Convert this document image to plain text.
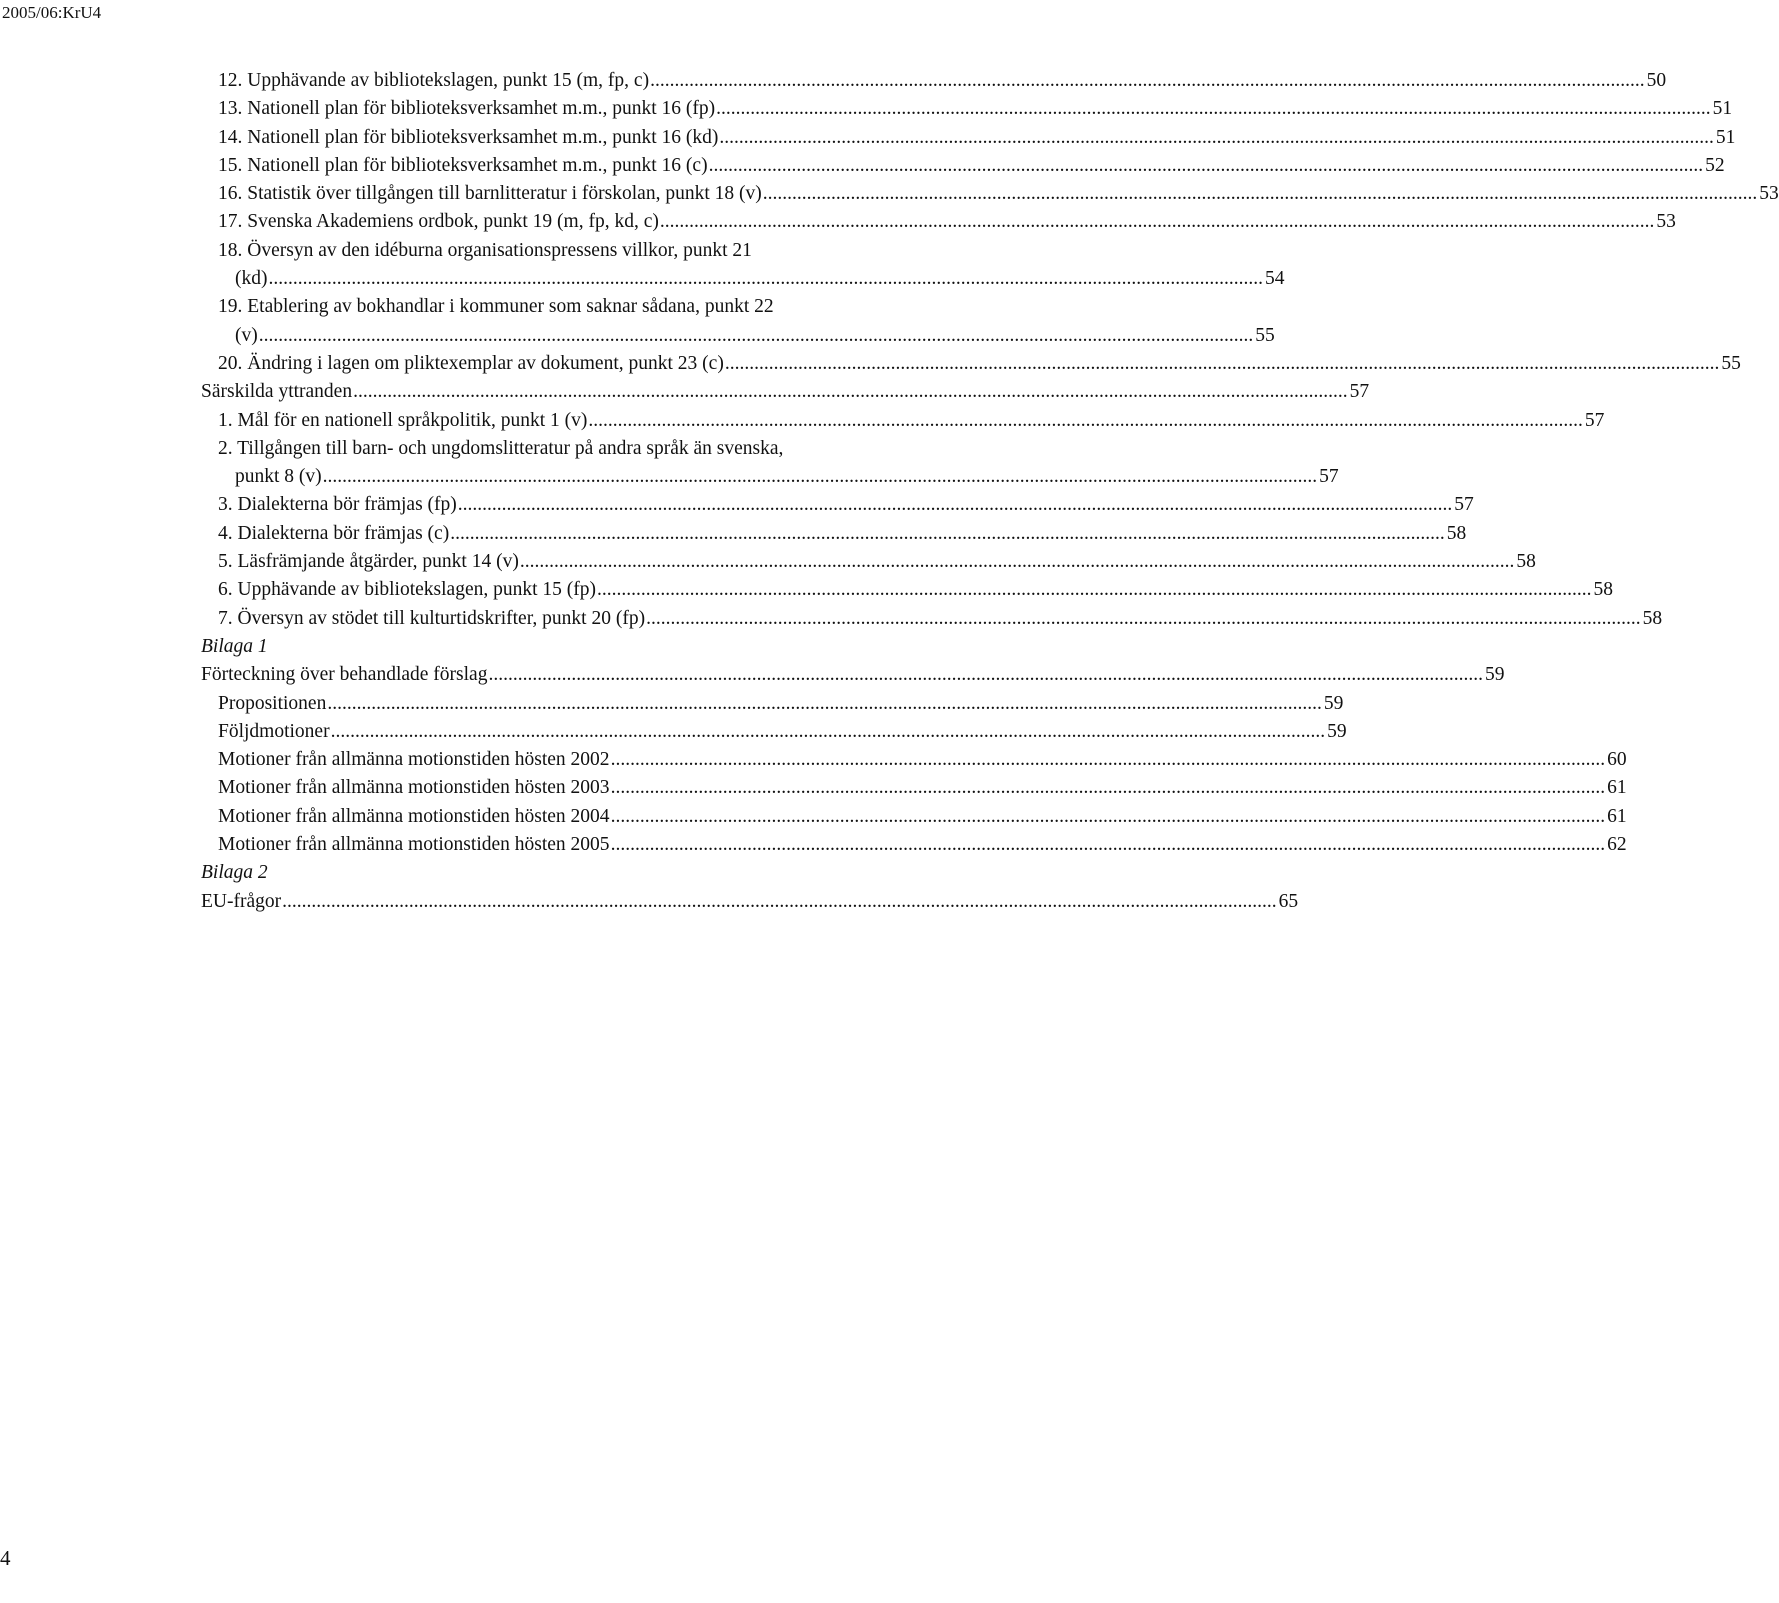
2005/06:KrU4
12. Upphävande av bibliotekslagen, punkt 15 (m, fp, c) ............................................................................................................................................................................................................ 50
13. Nationell plan för biblioteksverksamhet m.m., punkt 16 (fp) ............................................................................................................................................................................................................ 51
14. Nationell plan för biblioteksverksamhet m.m., punkt 16 (kd) ............................................................................................................................................................................................................ 51
15. Nationell plan för biblioteksverksamhet m.m., punkt 16 (c) ............................................................................................................................................................................................................ 52
16. Statistik över tillgången till barnlitteratur i förskolan, punkt 18 (v) ............................................................................................................................................................................................................ 53
17. Svenska Akademiens ordbok, punkt 19 (m, fp, kd, c) ............................................................................................................................................................................................................ 53
18. Översyn av den idéburna organisationspressens villkor, punkt 21
(kd) ............................................................................................................................................................................................................ 54
19. Etablering av bokhandlar i kommuner som saknar sådana, punkt 22
(v) ............................................................................................................................................................................................................ 55
20. Ändring i lagen om pliktexemplar av dokument, punkt 23 (c) ............................................................................................................................................................................................................ 55
Särskilda yttranden ............................................................................................................................................................................................................ 57
1. Mål för en nationell språkpolitik, punkt 1 (v) ............................................................................................................................................................................................................ 57
2. Tillgången till barn- och ungdomslitteratur på andra språk än svenska,
punkt 8 (v) ............................................................................................................................................................................................................ 57
3. Dialekterna bör främjas (fp) ............................................................................................................................................................................................................ 57
4. Dialekterna bör främjas (c) ............................................................................................................................................................................................................ 58
5. Läsfrämjande åtgärder, punkt 14 (v) ............................................................................................................................................................................................................ 58
6. Upphävande av bibliotekslagen, punkt 15 (fp) ............................................................................................................................................................................................................ 58
7. Översyn av stödet till kulturtidskrifter, punkt 20 (fp) ............................................................................................................................................................................................................ 58
Bilaga 1
Förteckning över behandlade förslag ............................................................................................................................................................................................................ 59
Propositionen ............................................................................................................................................................................................................ 59
Följdmotioner ............................................................................................................................................................................................................ 59
Motioner från allmänna motionstiden hösten 2002 ............................................................................................................................................................................................................ 60
Motioner från allmänna motionstiden hösten 2003 ............................................................................................................................................................................................................ 61
Motioner från allmänna motionstiden hösten 2004 ............................................................................................................................................................................................................ 61
Motioner från allmänna motionstiden hösten 2005 ............................................................................................................................................................................................................ 62
Bilaga 2
EU-frågor ............................................................................................................................................................................................................ 65
4
